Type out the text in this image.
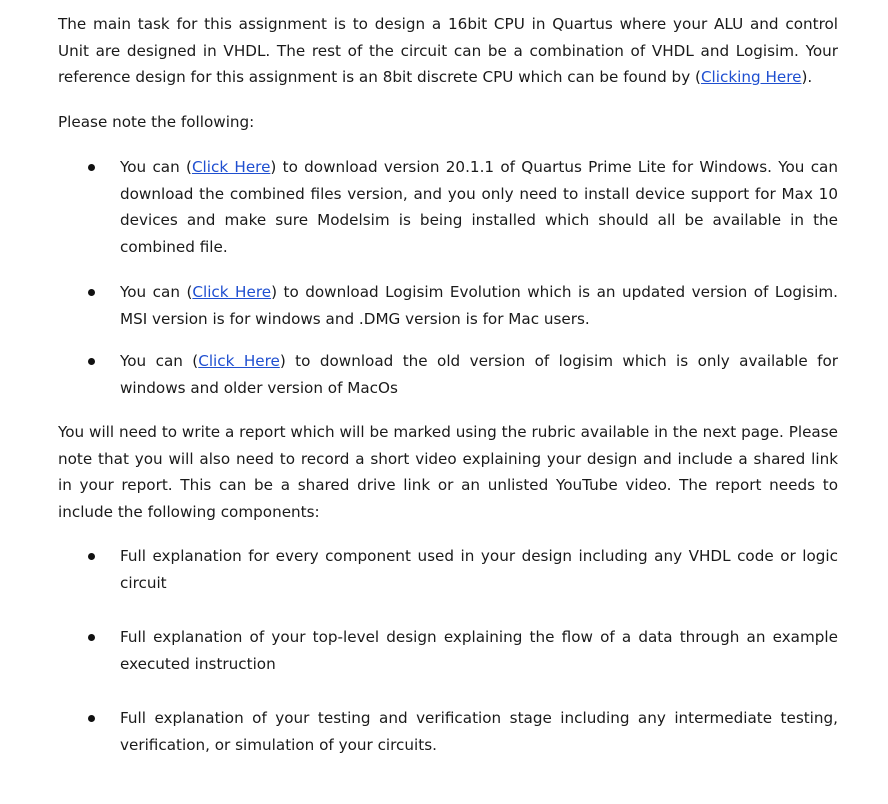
The main task for this assignment is to design a 16bit CPU in Quartus where your ALU and control Unit are designed in VHDL. The rest of the circuit can be a combination of VHDL and Logisim. Your reference design for this assignment is an 8bit discrete CPU which can be found by (Clicking Here).

Please note the following:

You can (Click Here) to download version 20.1.1 of Quartus Prime Lite for Windows. You can download the combined files version, and you only need to install device support for Max 10 devices and make sure Modelsim is being installed which should all be available in the combined file.

You can (Click Here) to download Logisim Evolution which is an updated version of Logisim. MSI version is for windows and .DMG version is for Mac users.

You can (Click Here) to download the old version of logisim which is only available for windows and older version of MacOs

You will need to write a report which will be marked using the rubric available in the next page. Please note that you will also need to record a short video explaining your design and include a shared link in your report. This can be a shared drive link or an unlisted YouTube video. The report needs to include the following components:

Full explanation for every component used in your design including any VHDL code or logic circuit

Full explanation of your top-level design explaining the flow of a data through an example executed instruction

Full explanation of your testing and verification stage including any intermediate testing, verification, or simulation of your circuits.
